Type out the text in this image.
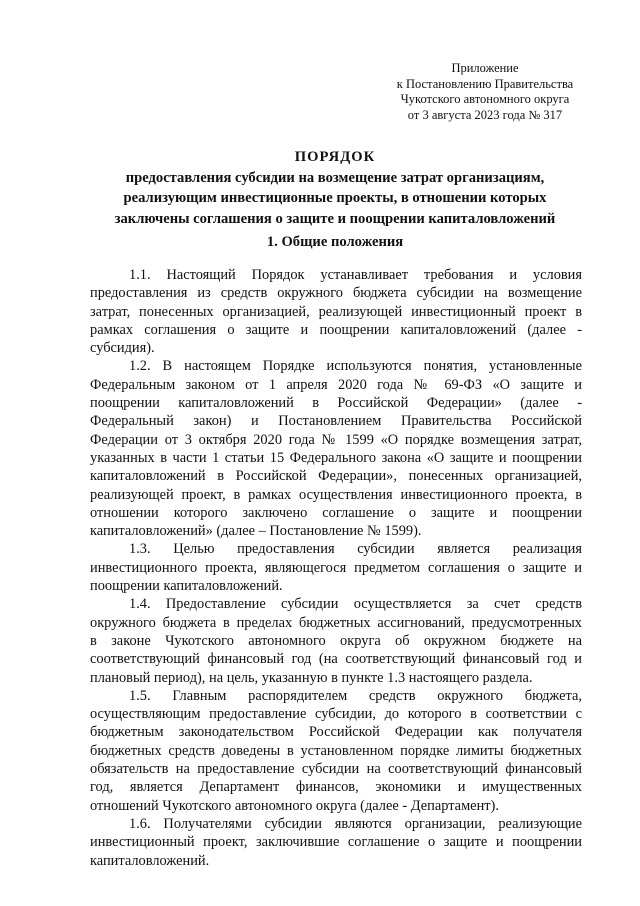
Приложение
к Постановлению Правительства
Чукотского автономного округа
от 3 августа 2023 года № 317
ПОРЯДОК
предоставления субсидии на возмещение затрат организациям,
реализующим инвестиционные проекты, в отношении которых
заключены соглашения о защите и поощрении капиталовложений
1. Общие положения
1.1. Настоящий Порядок устанавливает требования и условия
предоставления из средств окружного бюджета субсидии на возмещение
затрат, понесенных организацией, реализующей инвестиционный проект в
рамках соглашения о защите и поощрении капиталовложений (далее -
субсидия).
1.2. В настоящем Порядке используются понятия, установленные
Федеральным законом от 1 апреля 2020 года № 69-ФЗ «О защите и
поощрении капиталовложений в Российской Федерации» (далее -
Федеральный закон) и Постановлением Правительства Российской
Федерации от 3 октября 2020 года № 1599 «О порядке возмещения затрат,
указанных в части 1 статьи 15 Федерального закона «О защите и поощрении
капиталовложений в Российской Федерации», понесенных организацией,
реализующей проект, в рамках осуществления инвестиционного проекта, в
отношении которого заключено соглашение о защите и поощрении
капиталовложений» (далее – Постановление № 1599).
1.3. Целью предоставления субсидии является реализация
инвестиционного проекта, являющегося предметом соглашения о защите и
поощрении капиталовложений.
1.4. Предоставление субсидии осуществляется за счет средств
окружного бюджета в пределах бюджетных ассигнований, предусмотренных
в законе Чукотского автономного округа об окружном бюджете на
соответствующий финансовый год (на соответствующий финансовый год и
плановый период), на цель, указанную в пункте 1.3 настоящего раздела.
1.5. Главным распорядителем средств окружного бюджета,
осуществляющим предоставление субсидии, до которого в соответствии с
бюджетным законодательством Российской Федерации как получателя
бюджетных средств доведены в установленном порядке лимиты бюджетных
обязательств на предоставление субсидии на соответствующий финансовый
год, является Департамент финансов, экономики и имущественных
отношений Чукотского автономного округа (далее - Департамент).
1.6. Получателями субсидии являются организации, реализующие
инвестиционный проект, заключившие соглашение о защите и поощрении
капиталовложений.
